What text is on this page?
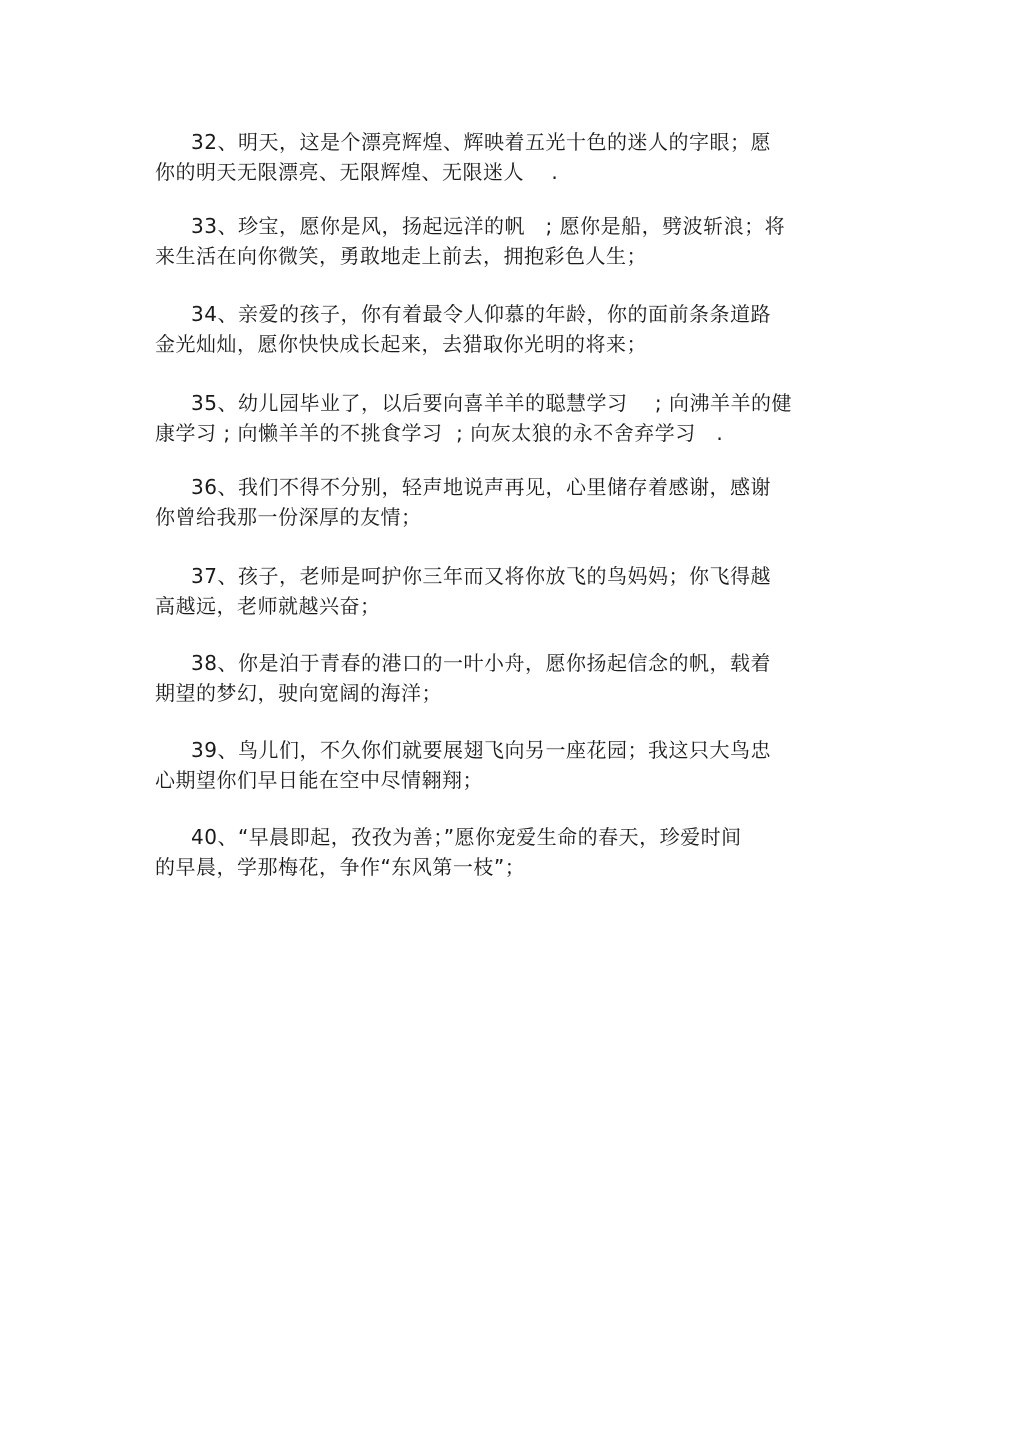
32、明天，这是个漂亮辉煌、辉映着五光十色的迷人的字眼；愿
你的明天无限漂亮、无限辉煌、无限迷人    .

33、珍宝，愿你是风，扬起远洋的帆   ; 愿你是船，劈波斩浪；将
来生活在向你微笑，勇敢地走上前去，拥抱彩色人生；

34、亲爱的孩子，你有着最令人仰慕的年龄，你的面前条条道路
金光灿灿，愿你快快成长起来，去猎取你光明的将来；

35、幼儿园毕业了，以后要向喜羊羊的聪慧学习    ; 向沸羊羊的健
康学习 ; 向懒羊羊的不挑食学习  ; 向灰太狼的永不舍弃学习   .

36、我们不得不分别，轻声地说声再见，心里储存着感谢，感谢
你曾给我那一份深厚的友情；

37、孩子，老师是呵护你三年而又将你放飞的鸟妈妈；你飞得越
高越远，老师就越兴奋；

38、你是泊于青春的港口的一叶小舟，愿你扬起信念的帆，载着
期望的梦幻，驶向宽阔的海洋；

39、鸟儿们，不久你们就要展翅飞向另一座花园；我这只大鸟忠
心期望你们早日能在空中尽情翱翔；

40、“早晨即起，孜孜为善；”愿你宠爱生命的春天，珍爱时间
的早晨，学那梅花，争作“东风第一枝”；
